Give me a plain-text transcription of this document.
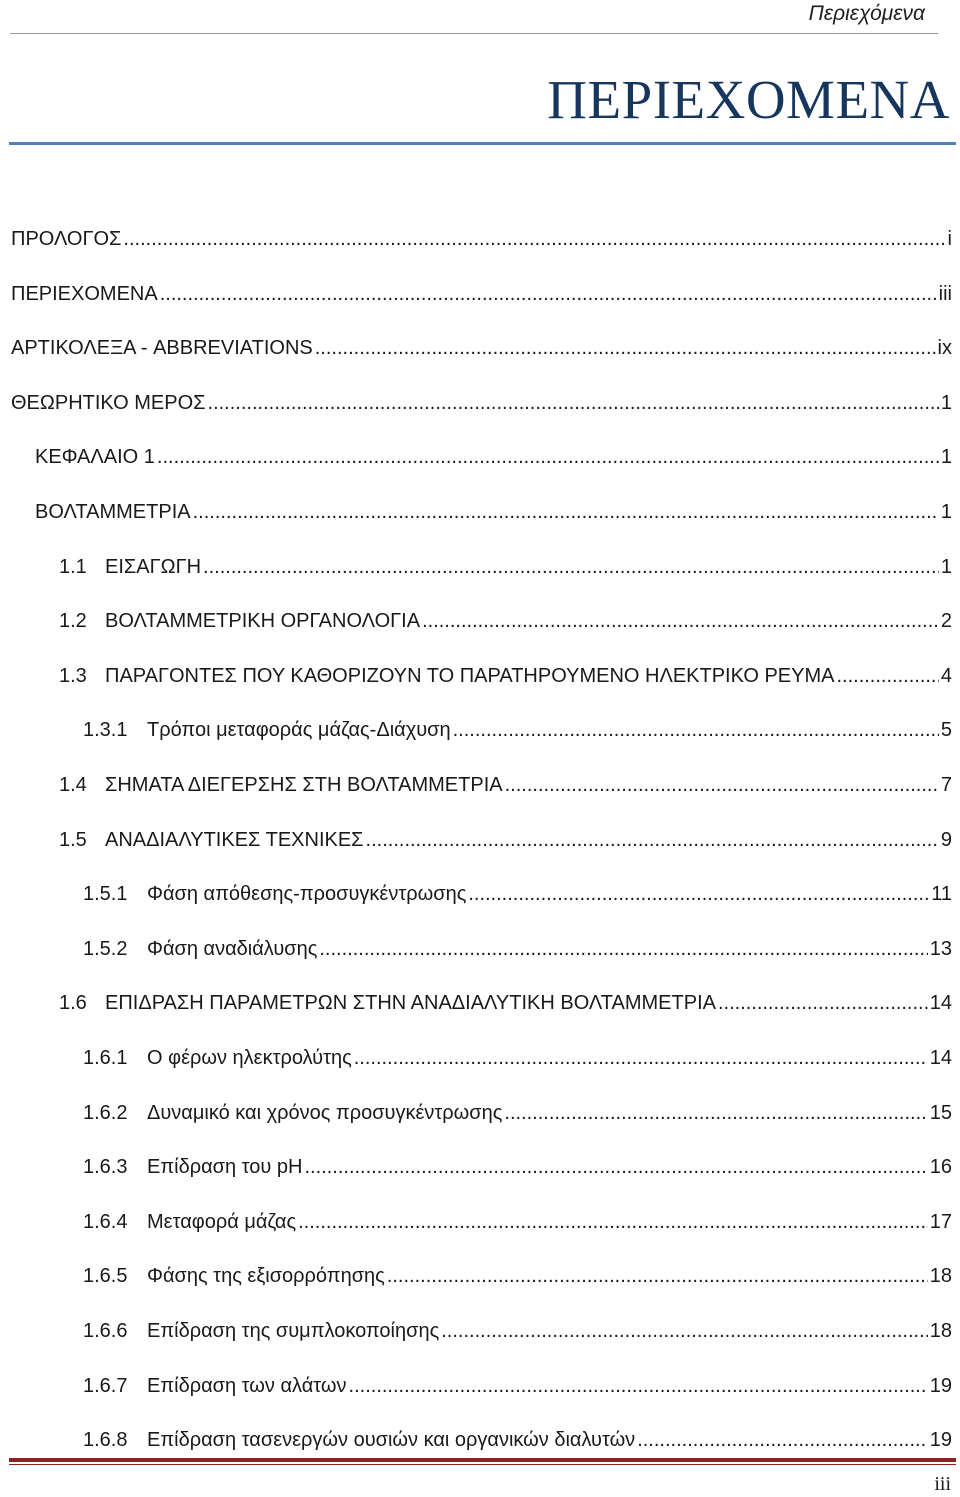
Περιεχόμενα
ΠΕΡΙΕΧΟΜΕΝΑ
ΠΡΟΛΟΓΟΣ .....	i
ΠΕΡΙΕΧΟΜΕΝΑ .....	iii
ΑΡΤΙΚΟΛΕΞΑ - ABBREVIATIONS .....	ix
ΘΕΩΡΗΤΙΚΟ ΜΕΡΟΣ .....	1
ΚΕΦΑΛΑΙΟ 1 .....	1
ΒΟΛΤΑΜΜΕΤΡΙΑ .....	1
1.1 ΕΙΣΑΓΩΓΗ .....	1
1.2 ΒΟΛΤΑΜΜΕΤΡΙΚΗ ΟΡΓΑΝΟΛΟΓΙΑ .....	2
1.3 ΠΑΡΑΓΟΝΤΕΣ ΠΟΥ ΚΑΘΟΡΙΖΟΥΝ ΤΟ ΠΑΡΑΤΗΡΟΥΜΕΝΟ ΗΛΕΚΤΡΙΚΟ ΡΕΥΜΑ .....	4
1.3.1 Τρόποι μεταφοράς μάζας-Διάχυση .....	5
1.4 ΣΗΜΑΤΑ ΔΙΕΓΕΡΣΗΣ ΣΤΗ ΒΟΛΤΑΜΜΕΤΡΙΑ .....	7
1.5 ΑΝΑΔΙΑΛΥΤΙΚΕΣ ΤΕΧΝΙΚΕΣ .....	9
1.5.1 Φάση απόθεσης-προσυγκέντρωσης .....	11
1.5.2 Φάση αναδιάλυσης .....	13
1.6 ΕΠΙΔΡΑΣΗ ΠΑΡΑΜΕΤΡΩΝ ΣΤΗΝ ΑΝΑΔΙΑΛΥΤΙΚΗ ΒΟΛΤΑΜΜΕΤΡΙΑ .....	14
1.6.1 Ο φέρων ηλεκτρολύτης .....	14
1.6.2 Δυναμικό και χρόνος προσυγκέντρωσης .....	15
1.6.3 Επίδραση του pH .....	16
1.6.4 Μεταφορά μάζας .....	17
1.6.5 Φάσης της εξισορρόπησης .....	18
1.6.6 Επίδραση της συμπλοκοποίησης .....	18
1.6.7 Επίδραση των αλάτων .....	19
1.6.8 Επίδραση τασενεργών ουσιών και οργανικών διαλυτών .....	19
iii
